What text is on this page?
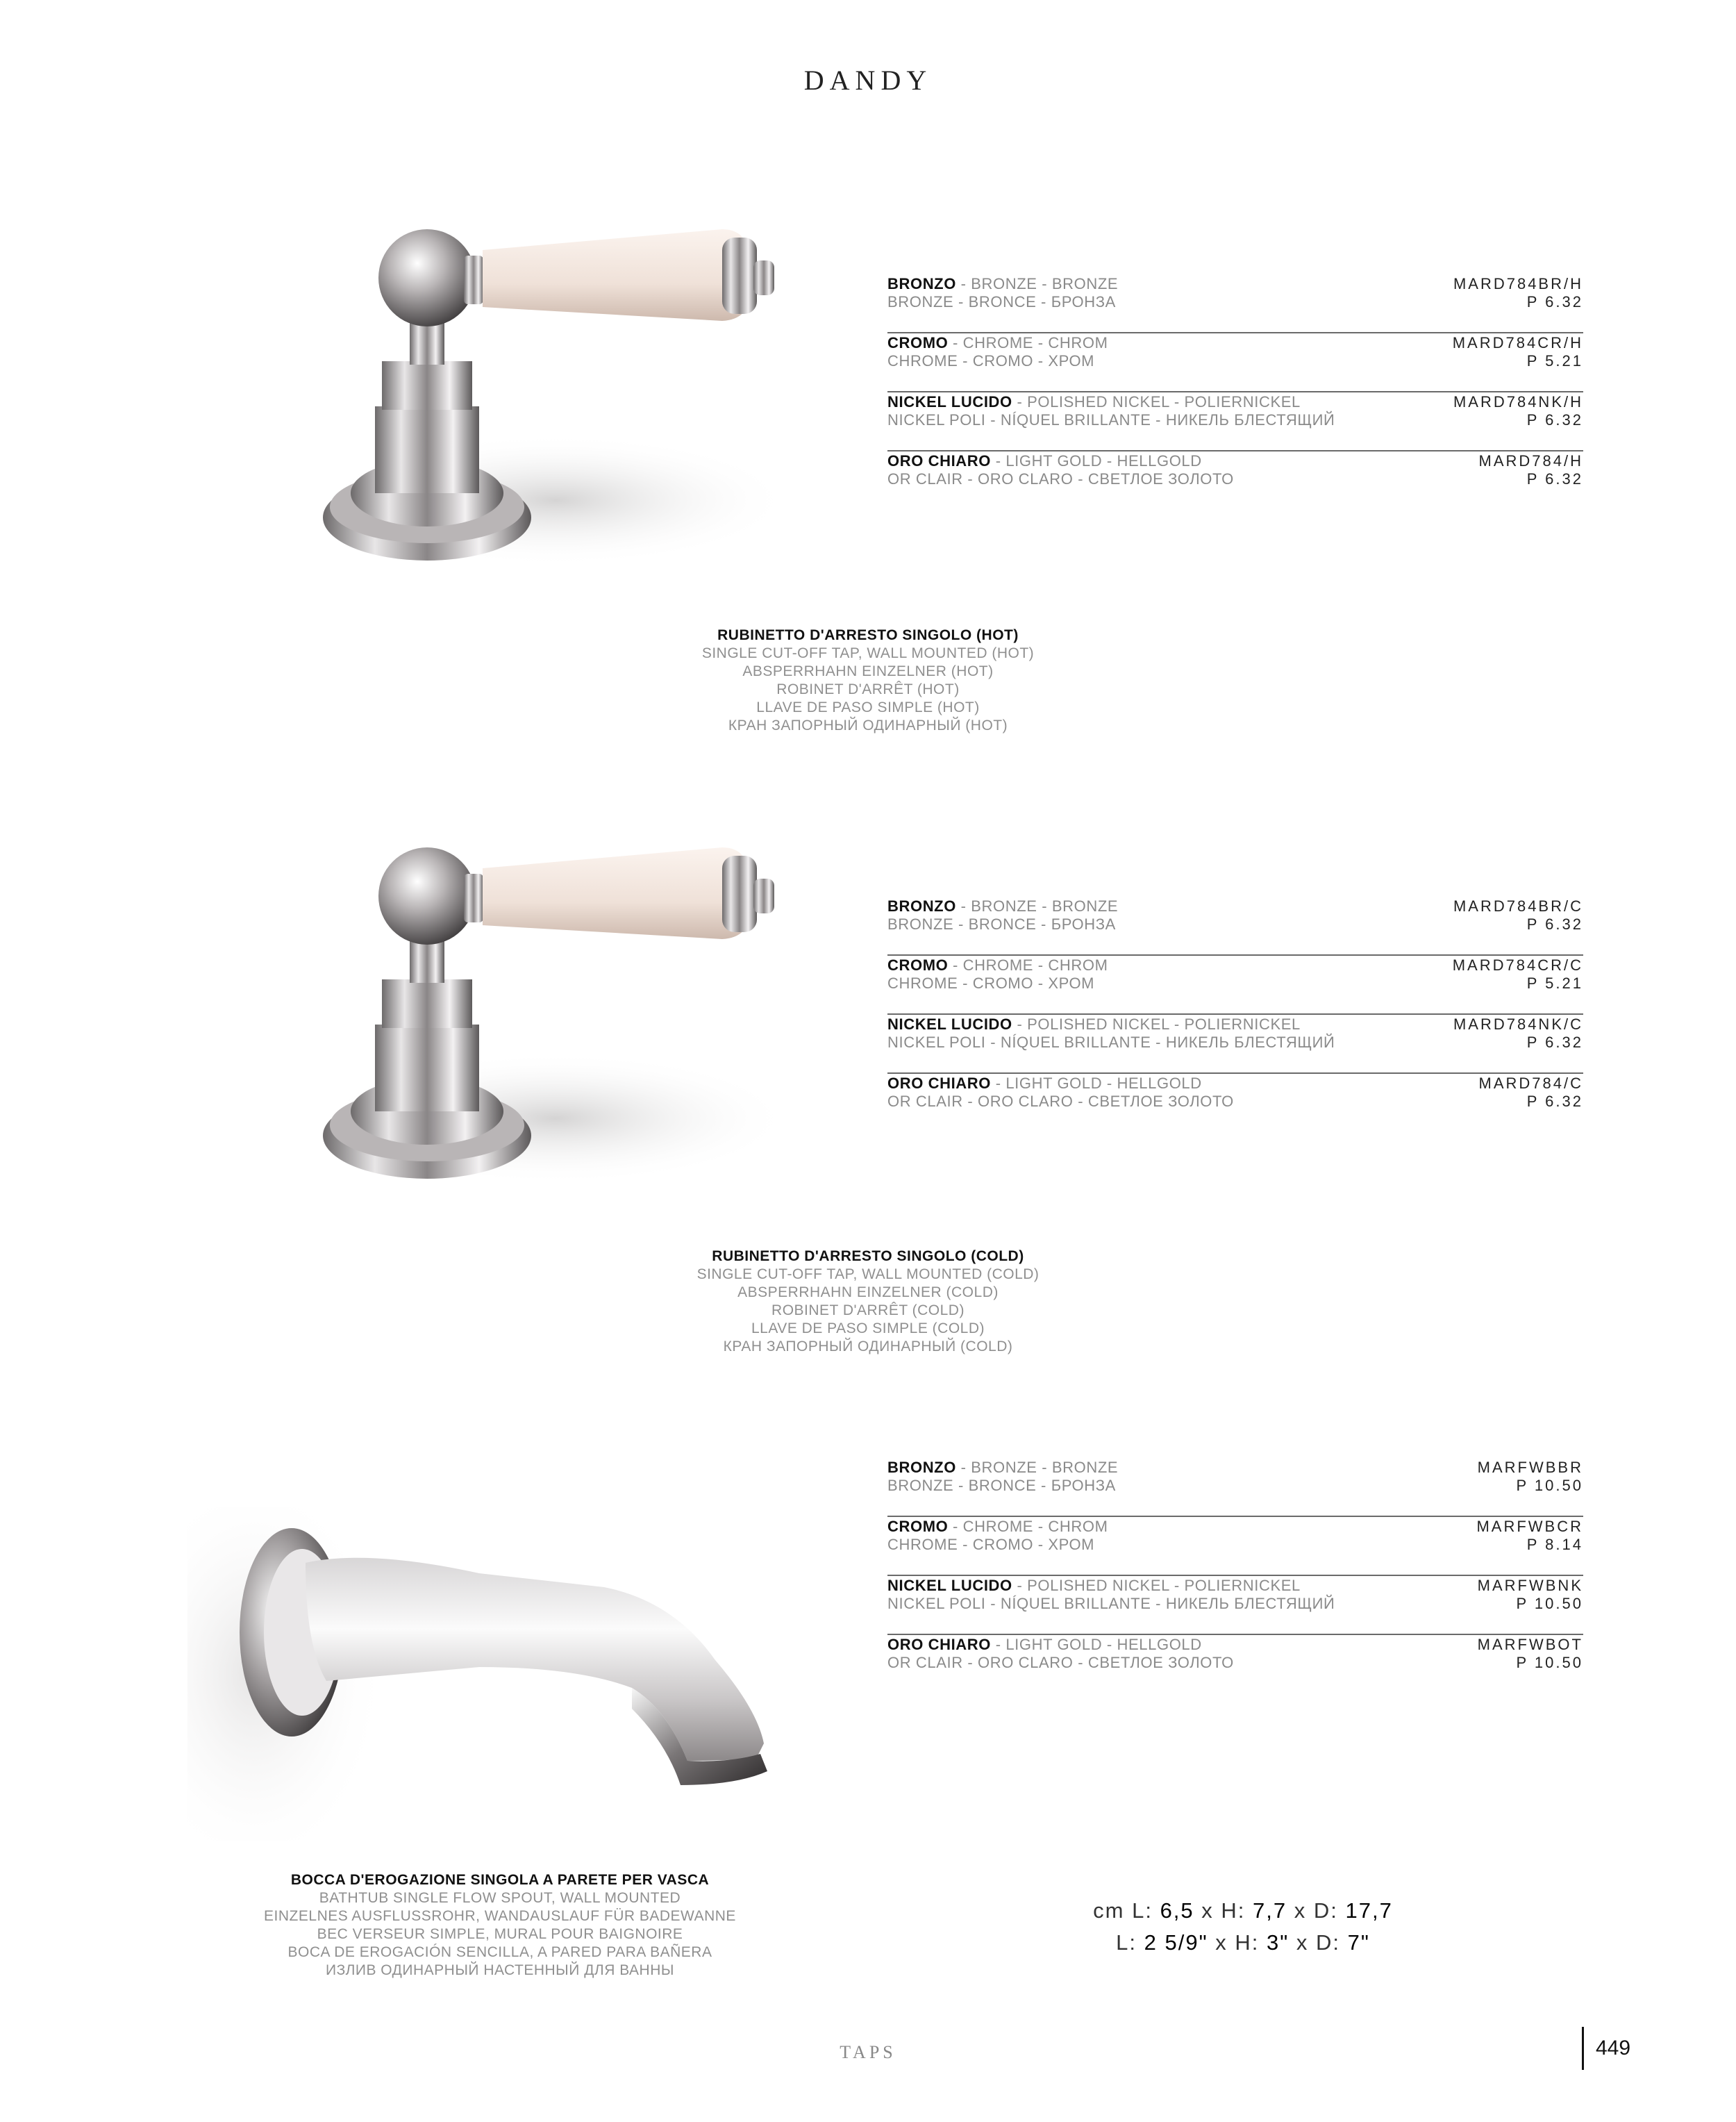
DANDY
BRONZO - BRONZE - BRONZE
BRONZE - BRONCE - БРОНЗА
MARD784BR/H
P 6.32
CROMO - CHROME - CHROM
CHROME - CROMO - ХРОМ
MARD784CR/H
P 5.21
NICKEL LUCIDO - POLISHED NICKEL - POLIERNICKEL
NICKEL POLI - NÍQUEL BRILLANTE - НИКЕЛЬ БЛЕСТЯЩИЙ
MARD784NK/H
P 6.32
ORO CHIARO - LIGHT GOLD - HELLGOLD
OR CLAIR - ORO CLARO - СВЕТЛОЕ ЗОЛОТО
MARD784/H
P 6.32
RUBINETTO D'ARRESTO SINGOLO (HOT)
SINGLE CUT-OFF TAP, WALL MOUNTED (HOT)
ABSPERRHAHN EINZELNER (HOT)
ROBINET D'ARRÊT (HOT)
LLAVE DE PASO SIMPLE (HOT)
КРАН ЗАПОРНЫЙ ОДИНАРНЫЙ (HOT)
BRONZO - BRONZE - BRONZE
BRONZE - BRONCE - БРОНЗА
MARD784BR/C
P 6.32
CROMO - CHROME - CHROM
CHROME - CROMO - ХРОМ
MARD784CR/C
P 5.21
NICKEL LUCIDO - POLISHED NICKEL - POLIERNICKEL
NICKEL POLI - NÍQUEL BRILLANTE - НИКЕЛЬ БЛЕСТЯЩИЙ
MARD784NK/C
P 6.32
ORO CHIARO - LIGHT GOLD - HELLGOLD
OR CLAIR - ORO CLARO - СВЕТЛОЕ ЗОЛОТО
MARD784/C
P 6.32
RUBINETTO D'ARRESTO SINGOLO (COLD)
SINGLE CUT-OFF TAP, WALL MOUNTED (COLD)
ABSPERRHAHN EINZELNER (COLD)
ROBINET D'ARRÊT (COLD)
LLAVE DE PASO SIMPLE (COLD)
КРАН ЗАПОРНЫЙ ОДИНАРНЫЙ (COLD)
BRONZO - BRONZE - BRONZE
BRONZE - BRONCE - БРОНЗА
MARFWBBR
P 10.50
CROMO - CHROME - CHROM
CHROME - CROMO - ХРОМ
MARFWBCR
P 8.14
NICKEL LUCIDO - POLISHED NICKEL - POLIERNICKEL
NICKEL POLI - NÍQUEL BRILLANTE - НИКЕЛЬ БЛЕСТЯЩИЙ
MARFWBNK
P 10.50
ORO CHIARO - LIGHT GOLD - HELLGOLD
OR CLAIR - ORO CLARO - СВЕТЛОЕ ЗОЛОТО
MARFWBOT
P 10.50
BOCCA D'EROGAZIONE SINGOLA A PARETE PER VASCA
BATHTUB SINGLE FLOW SPOUT, WALL MOUNTED
EINZELNES AUSFLUSSROHR, WANDAUSLAUF FÜR BADEWANNE
BEC VERSEUR SIMPLE, MURAL POUR BAIGNOIRE
BOCA DE EROGACIÓN SENCILLA, A PARED PARA BAÑERA
ИЗЛИВ ОДИНАРНЫЙ НАСТЕННЫЙ ДЛЯ ВАННЫ
cm L: 6,5 x H: 7,7 x D: 17,7
L: 2 5/9" x H: 3" x D: 7"
TAPS	449
